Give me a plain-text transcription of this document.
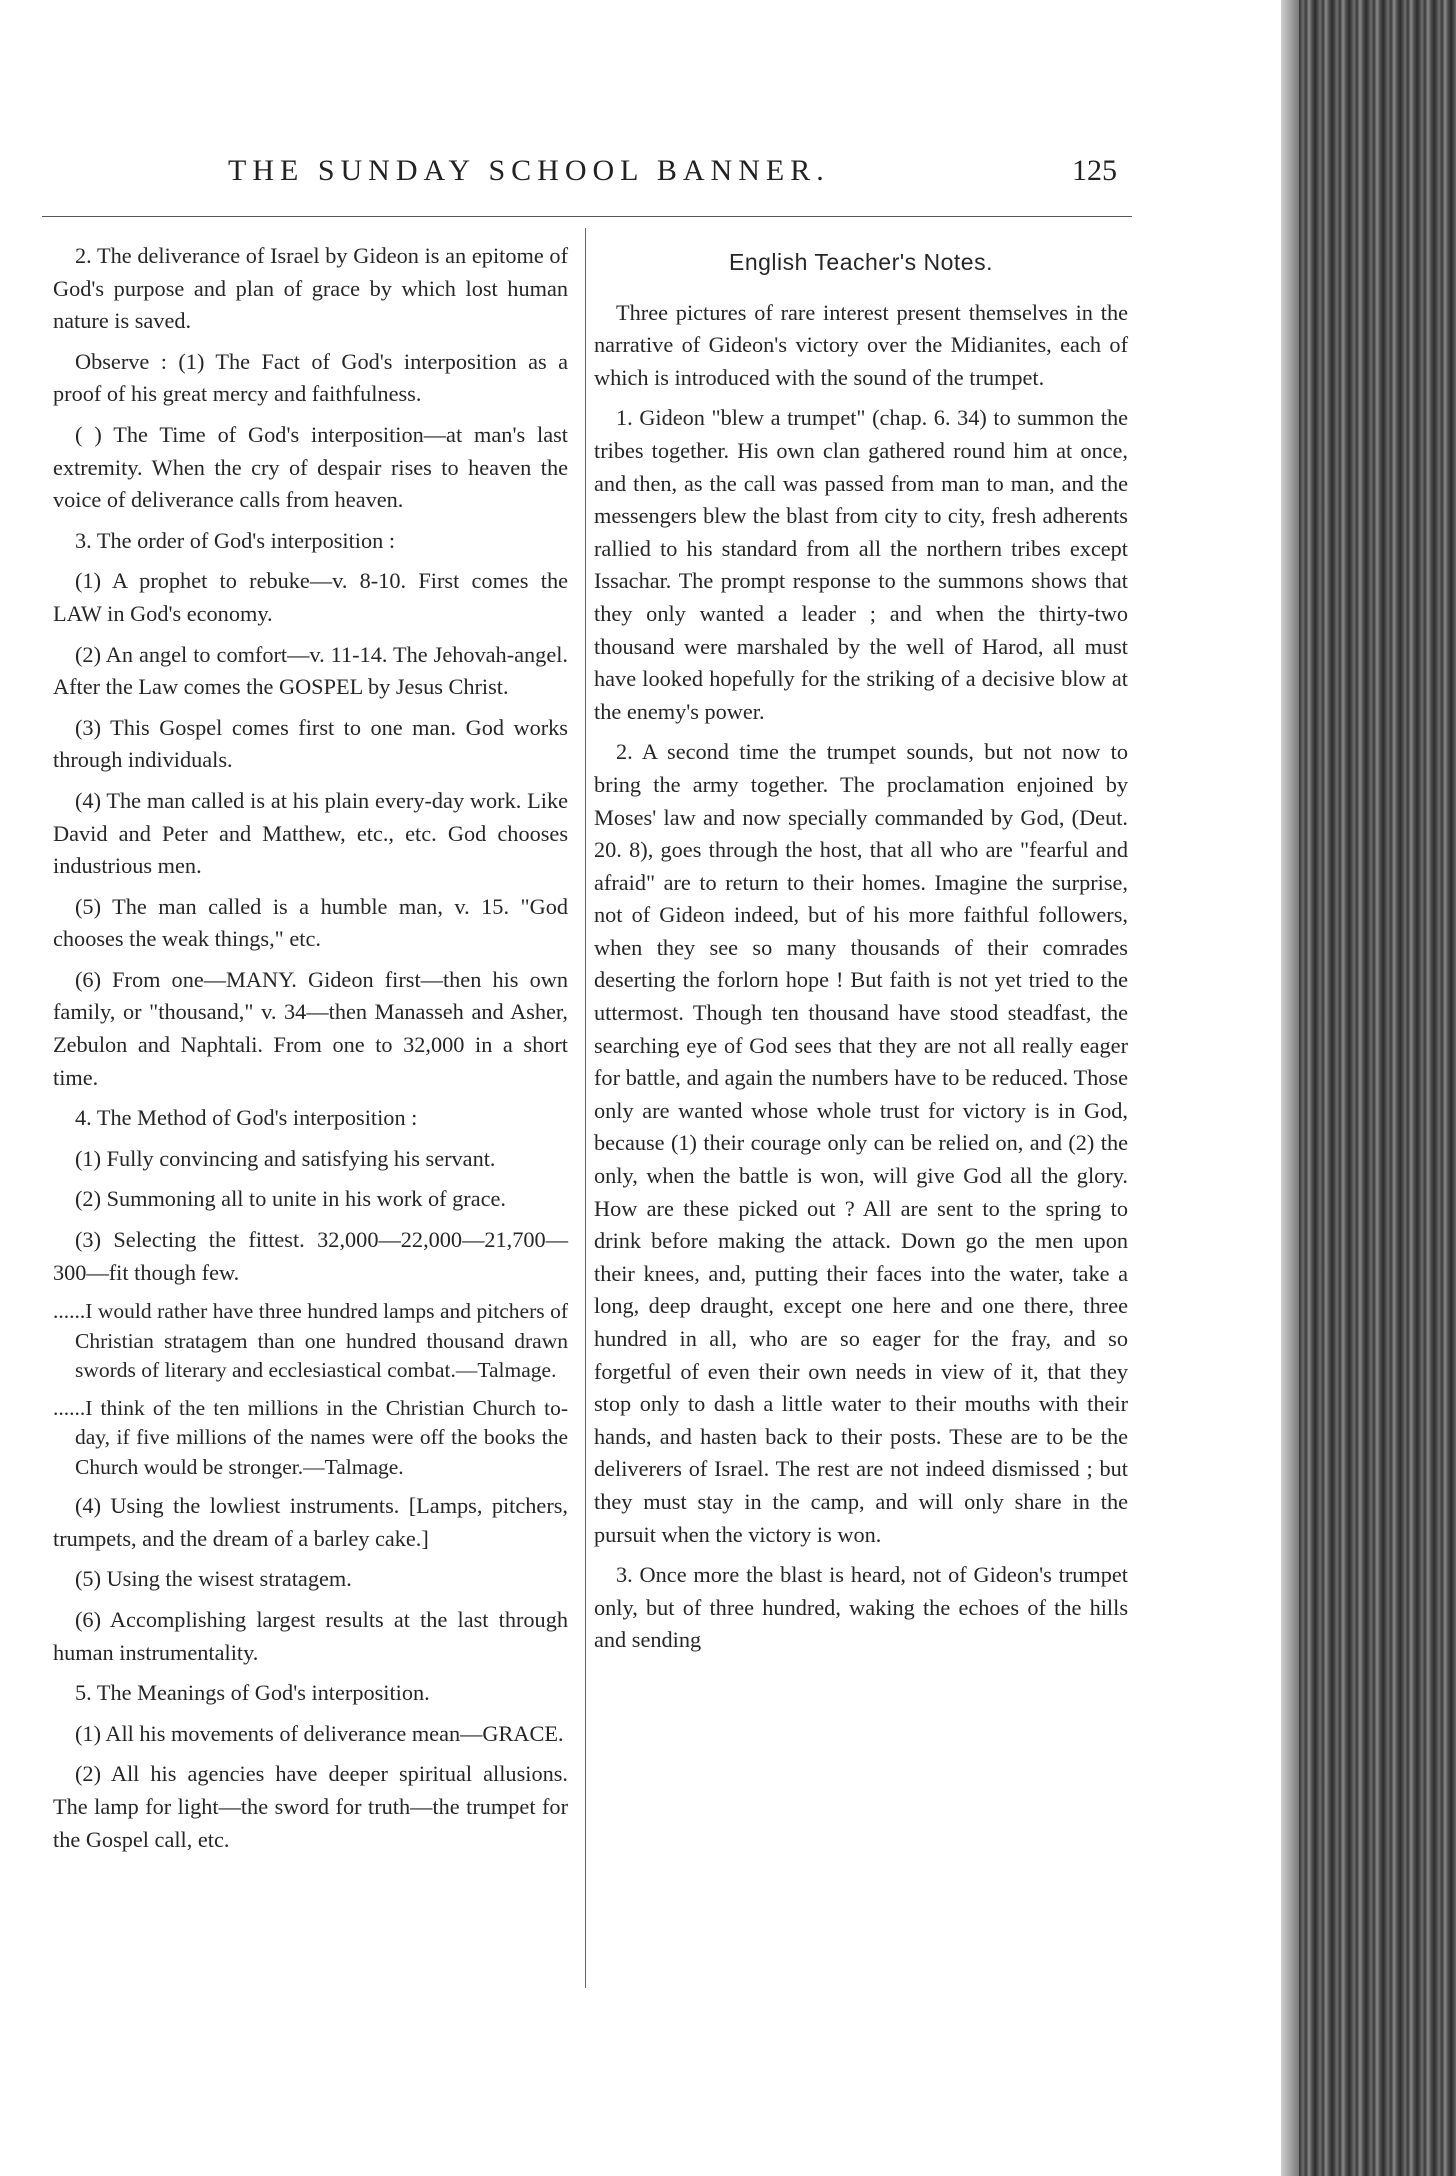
THE SUNDAY SCHOOL BANNER.	125

2. The deliverance of Israel by Gideon is an epitome of God's purpose and plan of grace by which lost human nature is saved.

Observe : (1) The Fact of God's interposition as a proof of his great mercy and faithfulness.

( ) The Time of God's interposition—at man's last extremity. When the cry of despair rises to heaven the voice of deliverance calls from heaven.

3. The order of God's interposition :

(1) A prophet to rebuke—v. 8-10. First comes the LAW in God's economy.

(2) An angel to comfort—v. 11-14. The Jehovah-angel. After the Law comes the GOSPEL by Jesus Christ.

(3) This Gospel comes first to one man. God works through individuals.

(4) The man called is at his plain every-day work. Like David and Peter and Matthew, etc., etc. God chooses industrious men.

(5) The man called is a humble man, v. 15. "God chooses the weak things," etc.

(6) From one—MANY. Gideon first—then his own family, or "thousand," v. 34—then Manasseh and Asher, Zebulon and Naphtali. From one to 32,000 in a short time.

4. The Method of God's interposition :

(1) Fully convincing and satisfying his servant.

(2) Summoning all to unite in his work of grace.

(3) Selecting the fittest. 32,000—22,000—21,700—300—fit though few.

......I would rather have three hundred lamps and pitchers of Christian stratagem than one hundred thousand drawn swords of literary and ecclesiastical combat.—Talmage.

......I think of the ten millions in the Christian Church to-day, if five millions of the names were off the books the Church would be stronger.—Talmage.

(4) Using the lowliest instruments. [Lamps, pitchers, trumpets, and the dream of a barley cake.]

(5) Using the wisest stratagem.

(6) Accomplishing largest results at the last through human instrumentality.

5. The Meanings of God's interposition.

(1) All his movements of deliverance mean—GRACE.

(2) All his agencies have deeper spiritual allusions. The lamp for light—the sword for truth—the trumpet for the Gospel call, etc.

English Teacher's Notes.

Three pictures of rare interest present themselves in the narrative of Gideon's victory over the Midianites, each of which is introduced with the sound of the trumpet.

1. Gideon "blew a trumpet" (chap. 6. 34) to summon the tribes together. His own clan gathered round him at once, and then, as the call was passed from man to man, and the messengers blew the blast from city to city, fresh adherents rallied to his standard from all the northern tribes except Issachar. The prompt response to the summons shows that they only wanted a leader ; and when the thirty-two thousand were marshaled by the well of Harod, all must have looked hopefully for the striking of a decisive blow at the enemy's power.

2. A second time the trumpet sounds, but not now to bring the army together. The proclamation enjoined by Moses' law and now specially commanded by God, (Deut. 20. 8), goes through the host, that all who are "fearful and afraid" are to return to their homes. Imagine the surprise, not of Gideon indeed, but of his more faithful followers, when they see so many thousands of their comrades deserting the forlorn hope ! But faith is not yet tried to the uttermost. Though ten thousand have stood steadfast, the searching eye of God sees that they are not all really eager for battle, and again the numbers have to be reduced. Those only are wanted whose whole trust for victory is in God, because (1) their courage only can be relied on, and (2) the only, when the battle is won, will give God all the glory. How are these picked out ? All are sent to the spring to drink before making the attack. Down go the men upon their knees, and, putting their faces into the water, take a long, deep draught, except one here and one there, three hundred in all, who are so eager for the fray, and so forgetful of even their own needs in view of it, that they stop only to dash a little water to their mouths with their hands, and hasten back to their posts. These are to be the deliverers of Israel. The rest are not indeed dismissed ; but they must stay in the camp, and will only share in the pursuit when the victory is won.

3. Once more the blast is heard, not of Gideon's trumpet only, but of three hundred, waking the echoes of the hills and sending
